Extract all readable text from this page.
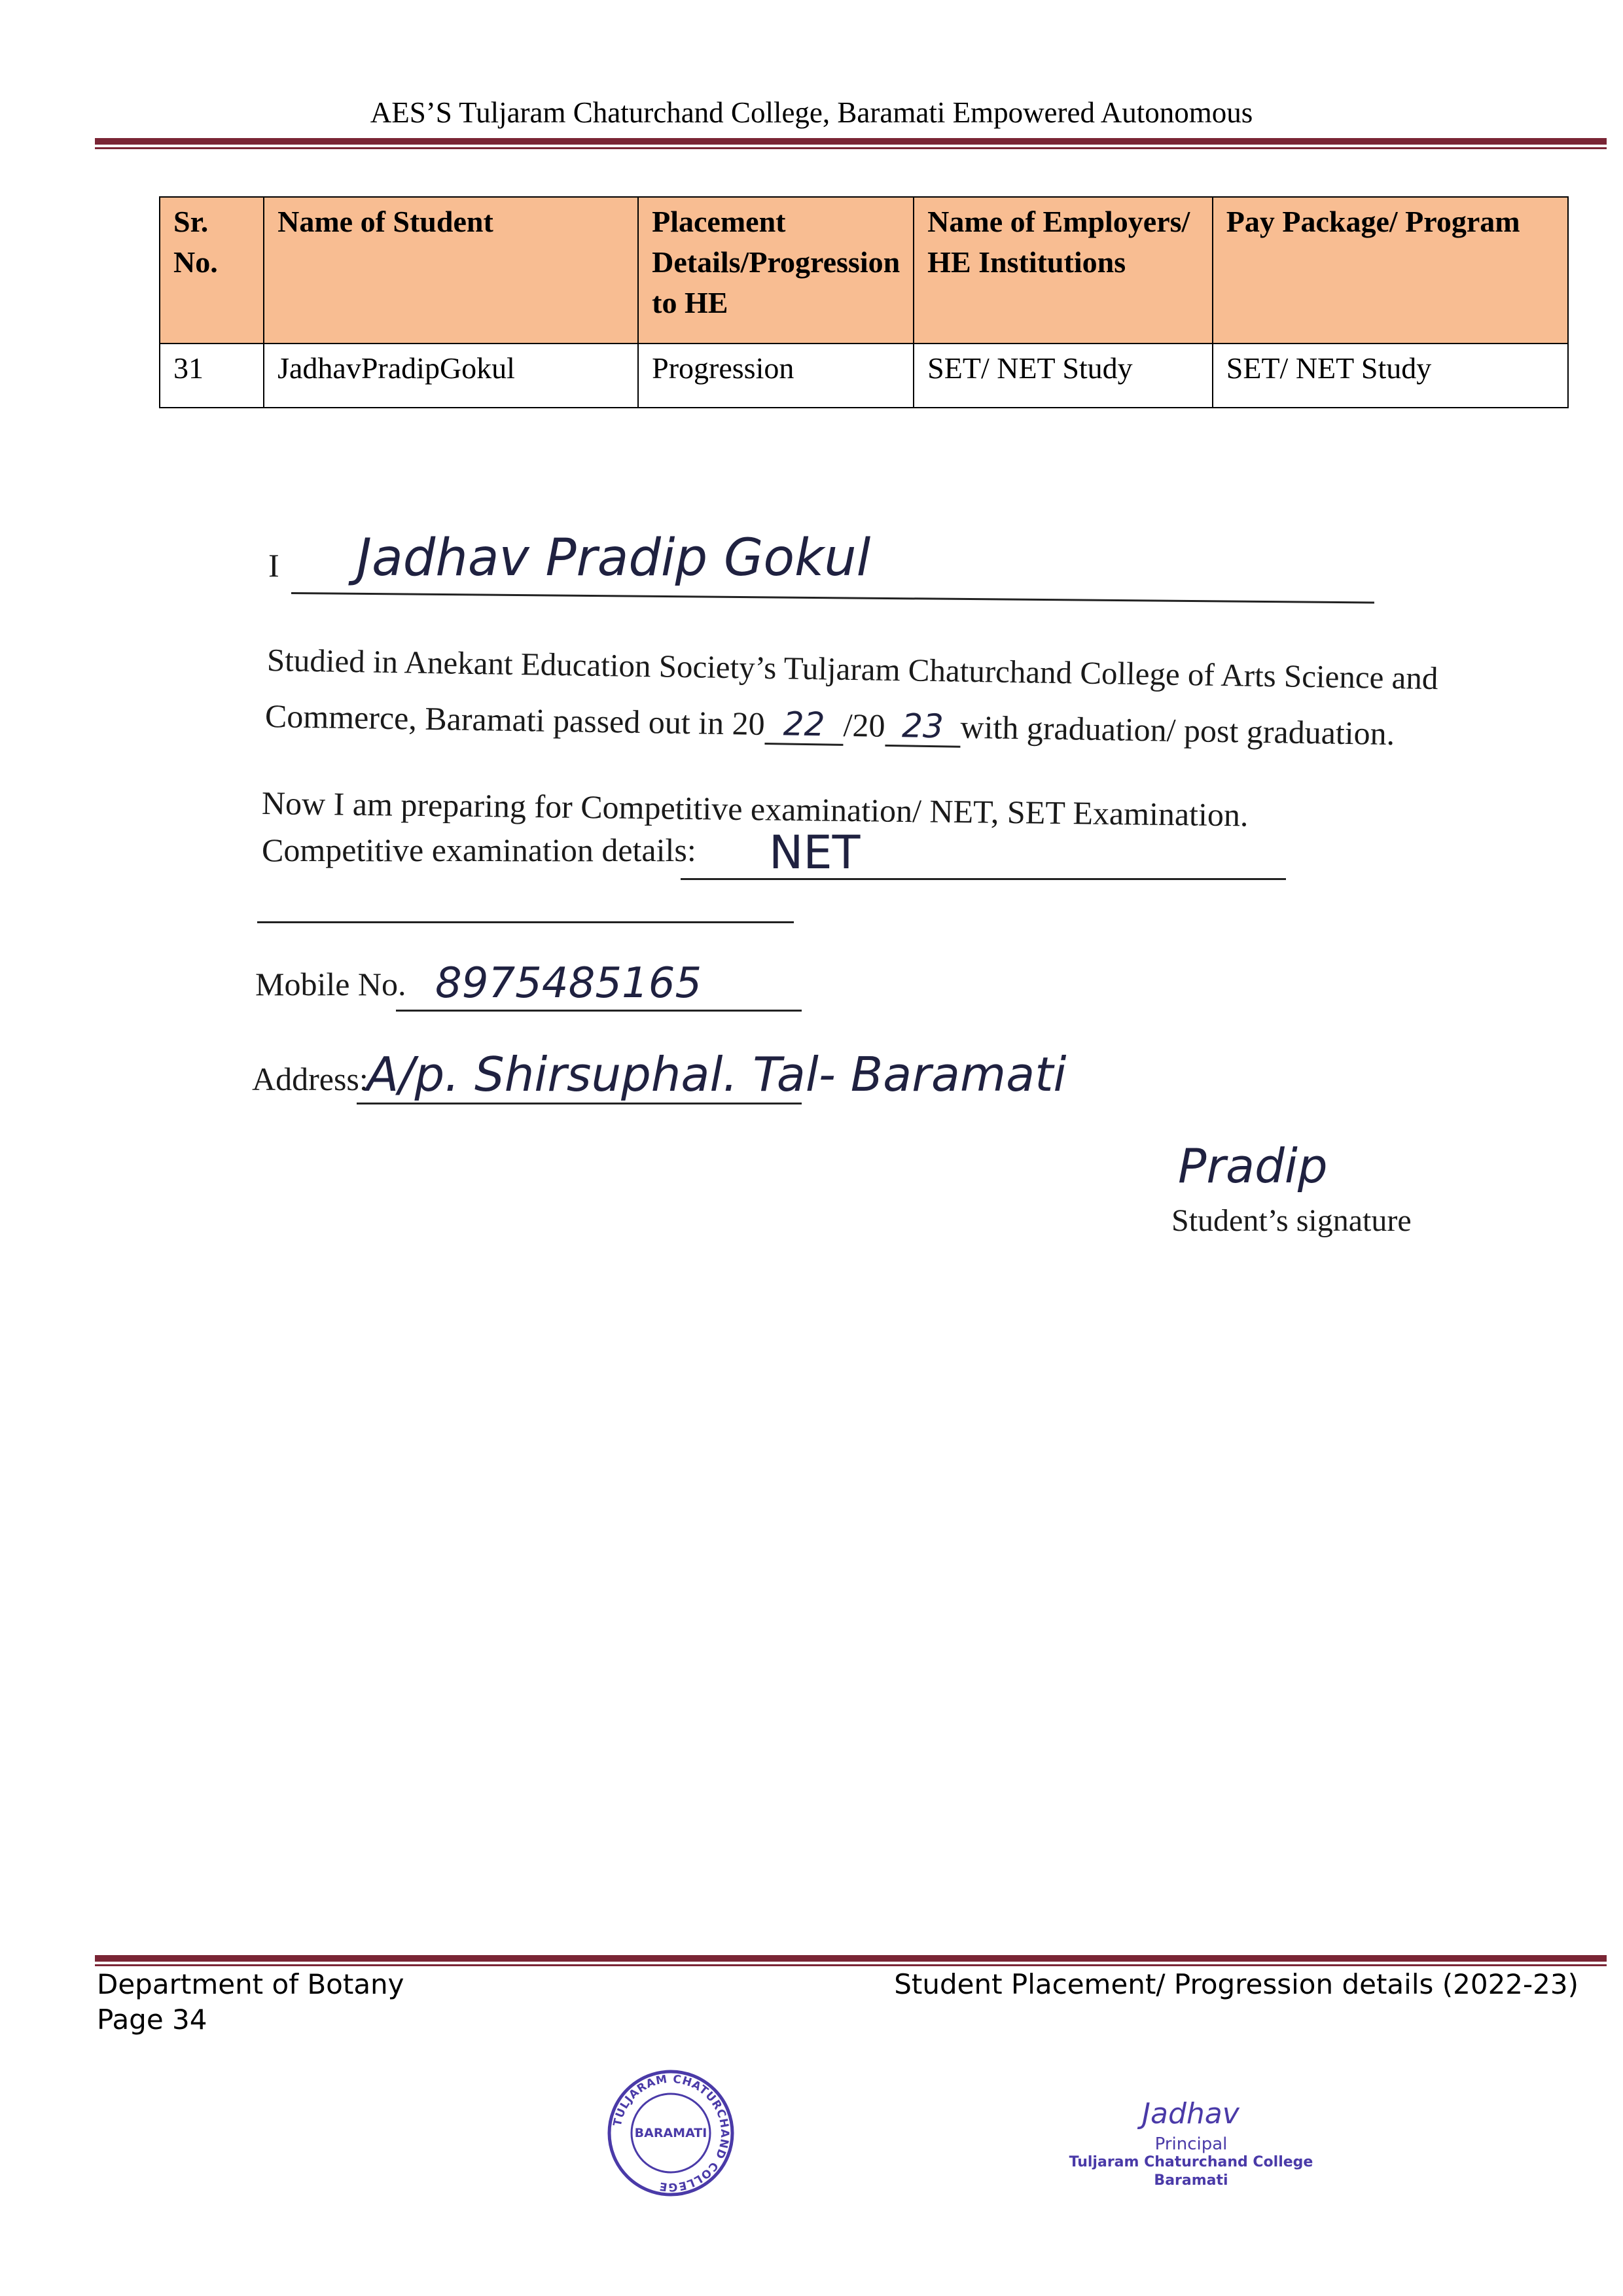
AES’S Tuljaram Chaturchand College, Baramati Empowered Autonomous
Sr. No.	Name of Student	Placement Details/Progression to HE	Name of Employers/ HE Institutions	Pay Package/ Program
31	JadhavPradipGokul	Progression	SET/ NET Study	SET/ NET Study
I Jadhav Pradip Gokul
Studied in Anekant Education Society’s Tuljaram Chaturchand College of Arts Science and
Commerce, Baramati passed out in 20 22 /20 23 with graduation/ post graduation.
Now I am preparing for Competitive examination/ NET, SET Examination.
Competitive examination details: NET
Mobile No. 8975485165
Address:
A/p. Shirsuphal. Tal- Baramati
Pradip
Student’s signature
Department of Botany
Page 34
Student Placement/ Progression details (2022-23)
TULJARAM CHATURCHAND COLLEGE
BARAMATI
Jadhav
Principal
Tuljaram Chaturchand College
Baramati
